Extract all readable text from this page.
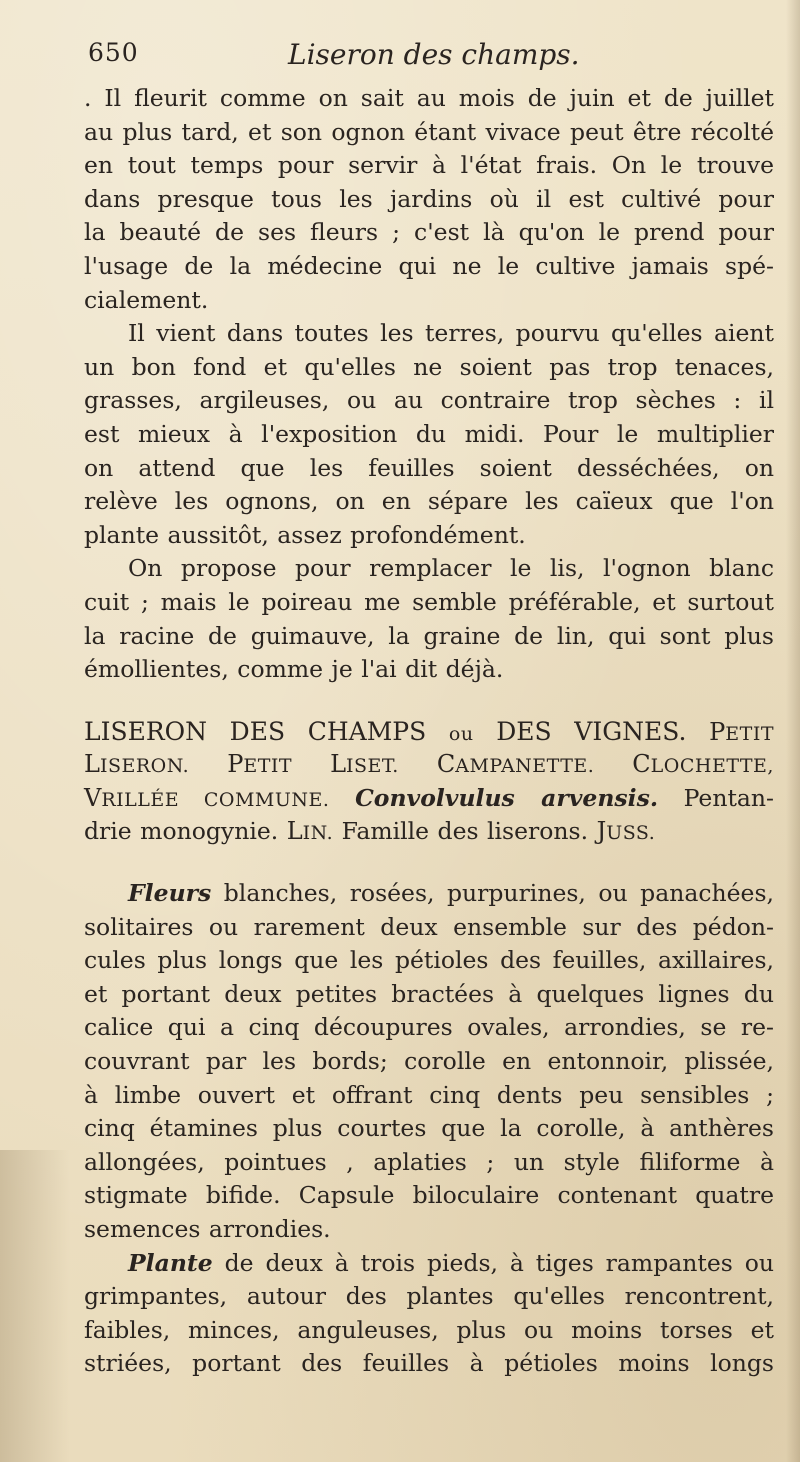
650	Liseron des champs.
. Il fleurit comme on sait au mois de juin et de juillet
au plus tard, et son ognon étant vivace peut être récolté
en tout temps pour servir à l'état frais. On le trouve
dans presque tous les jardins où il est cultivé pour
la beauté de ses fleurs ; c'est là qu'on le prend pour
l'usage de la médecine qui ne le cultive jamais spé-
cialement.
Il vient dans toutes les terres, pourvu qu'elles aient
un bon fond et qu'elles ne soient pas trop tenaces,
grasses, argileuses, ou au contraire trop sèches : il
est mieux à l'exposition du midi. Pour le multiplier
on attend que les feuilles soient desséchées, on
relève les ognons, on en sépare les caïeux que l'on
plante aussitôt, assez profondément.
On propose pour remplacer le lis, l'ognon blanc
cuit ; mais le poireau me semble préférable, et surtout
la racine de guimauve, la graine de lin, qui sont plus
émollientes, comme je l'ai dit déjà.
LISERON DES CHAMPS ou DES VIGNES. PETIT
LISERON. PETIT LISET. CAMPANETTE. CLOCHETTE,
VRILLÉE COMMUNE. Convolvulus arvensis. Pentan-
drie monogynie. LIN. Famille des liserons. JUSS.
Fleurs blanches, rosées, purpurines, ou panachées,
solitaires ou rarement deux ensemble sur des pédon-
cules plus longs que les pétioles des feuilles, axillaires,
et portant deux petites bractées à quelques lignes du
calice qui a cinq découpures ovales, arrondies, se re-
couvrant par les bords; corolle en entonnoir, plissée,
à limbe ouvert et offrant cinq dents peu sensibles ;
cinq étamines plus courtes que la corolle, à anthères
allongées, pointues , aplaties ; un style filiforme à
stigmate bifide. Capsule biloculaire contenant quatre
semences arrondies.
Plante de deux à trois pieds, à tiges rampantes ou
grimpantes, autour des plantes qu'elles rencontrent,
faibles, minces, anguleuses, plus ou moins torses et
striées, portant des feuilles à pétioles moins longs
